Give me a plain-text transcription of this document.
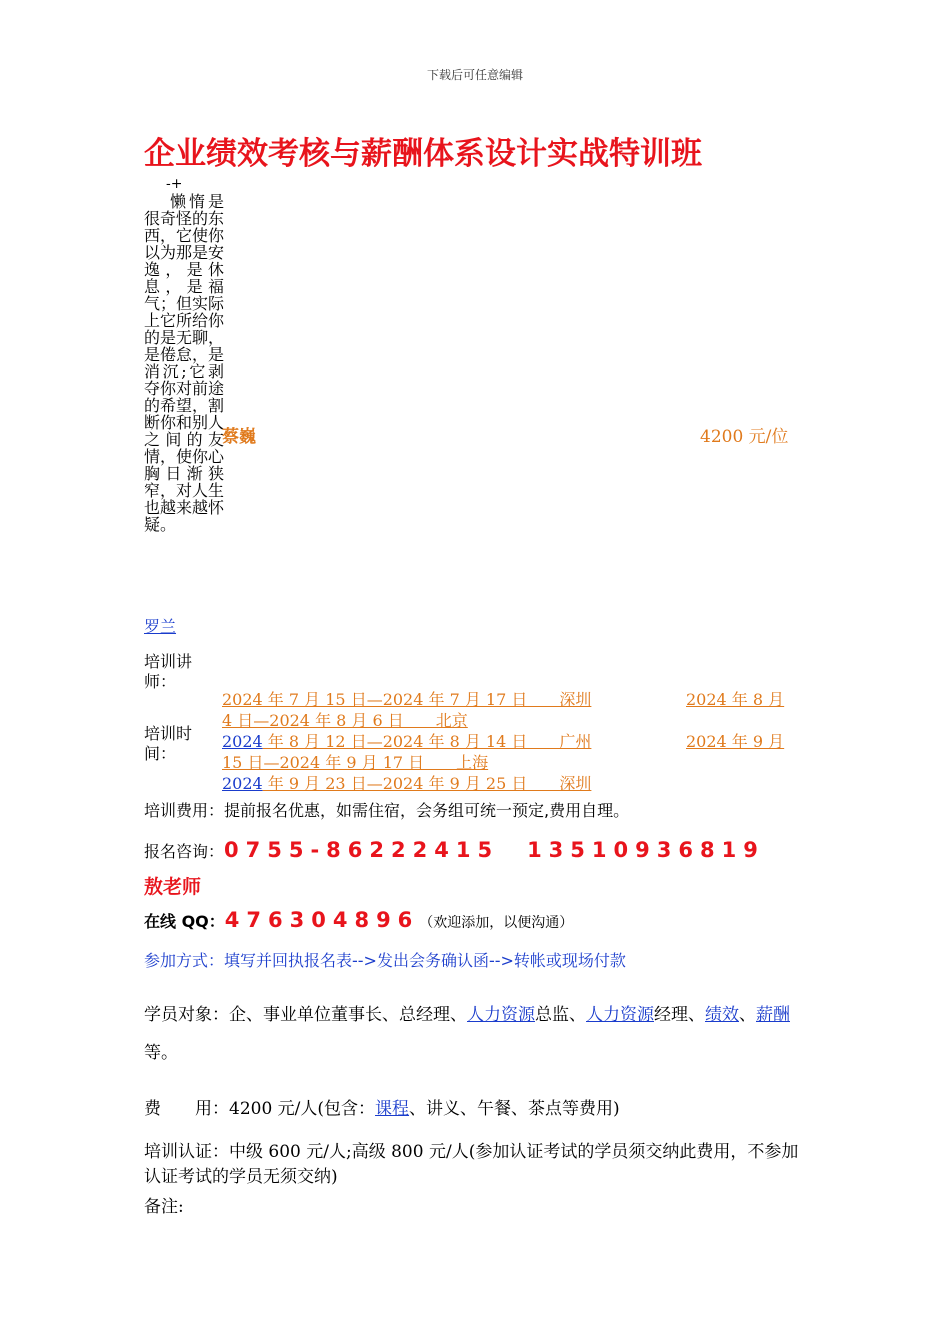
下载后可任意编辑
企业绩效考核与薪酬体系设计实战特训班
-+
懒惰是很奇怪的东西，它使你以为那是安逸，是休息，是福气；但实际上它所给你的是无聊，是倦怠，是消沉;它剥夺你对前途的希望，割断你和别人之间的友情，使你心胸日渐狭窄，对人生也越来越怀疑。
蔡巍	4200 元/位
罗兰
培训讲师：
培训时间：
2024 年 7 月 15 日—2024 年 7 月 17 日　　深圳	2024 年 8 月
4 日—2024 年 8 月 6 日　　北京
2024 年 8 月 12 日—2024 年 8 月 14 日　　广州	2024 年 9 月
15 日—2024 年 9 月 17 日　　上海
2024 年 9 月 23 日—2024 年 9 月 25 日　　深圳
培训费用：提前报名优惠，如需住宿，会务组可统一预定,费用自理。
报名咨询：0755-86222415　13510936819
敖老师
在线 QQ：476304896（欢迎添加，以便沟通）
参加方式：填写并回执报名表-->发出会务确认函-->转帐或现场付款
学员对象：企、事业单位董事长、总经理、人力资源总监、人力资源经理、绩效、薪酬等。
费　　用：4200 元/人(包含：课程、讲义、午餐、茶点等费用)
培训认证：中级 600 元/人;高级 800 元/人(参加认证考试的学员须交纳此费用，不参加认证考试的学员无须交纳)
备注:
